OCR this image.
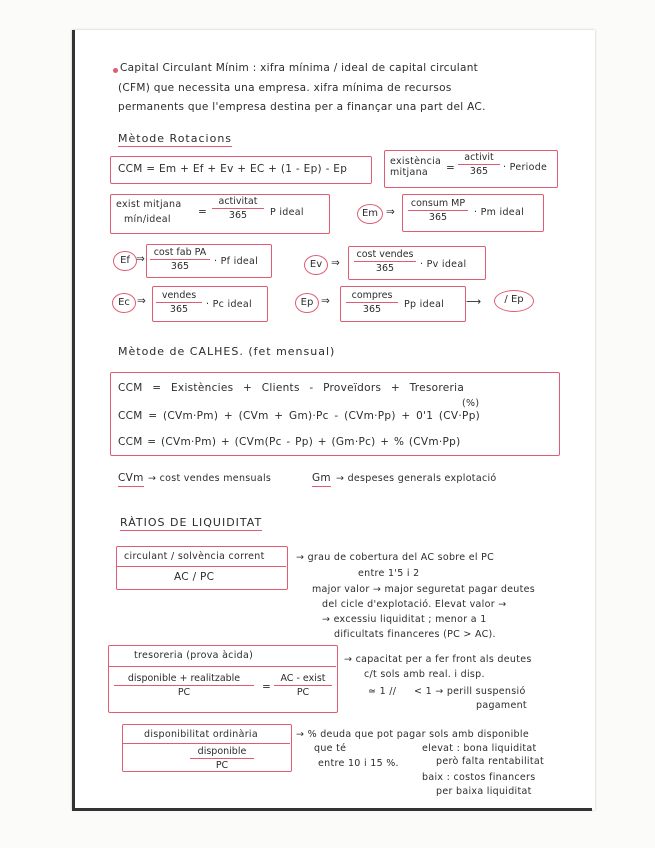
Capital Circulant Mínim : xifra mínima / ideal de capital circulant
(CFM) que necessita una empresa. xifra mínima de recursos
permanents que l'empresa destina per a finançar una part del AC.
Mètode Rotacions
CCM = Em + Ef + Ev + EC + (1 - Ep) - Ep
existència mitjana	=
activit
365	· Periode
exist mitjana
mín/ideal
=
activitat
365	P ideal	Em ⇒
consum MP
365	· Pm ideal
Ef ⇒
cost fab PA
365	· Pf ideal	Ev ⇒
cost vendes
365	· Pv ideal
Ec ⇒	vendes
365	· Pc ideal	Ep ⇒	compres
365	Pp ideal ⟶	/ Ep
Mètode de CALHES. (fet mensual)
CCM = Existències + Clients - Proveïdors + Tresoreria
(%)
CCM = (CVm·Pm) + (CVm + Gm)·Pc - (CVm·Pp) + 0'1 (CV·Pp)
CCM = (CVm·Pm) + (CVm(Pc - Pp) + (Gm·Pc) + % (CVm·Pp)
CVm → cost vendes mensuals	Gm → despeses generals explotació
RÀTIOS DE LIQUIDITAT
circulant / solvència corrent
AC / PC
→ grau de cobertura del AC sobre el PC
entre 1'5 i 2
major valor → major seguretat pagar deutes
del cicle d'explotació. Elevat valor →
→ excessiu liquiditat ; menor a 1
dificultats financeres (PC > AC).
tresoreria (prova àcida)
disponible + realitzable
PC	=
AC - exist
PC
→ capacitat per a fer front als deutes
c/t sols amb real. i disp.
≃ 1 // < 1 → perill suspensió
pagament
disponibilitat ordinària
disponible
PC
→ % deuda que pot pagar sols amb disponible
que té
entre 10 i 15 %.
elevat : bona liquiditat
però falta rentabilitat
baix : costos financers
per baixa liquiditat
